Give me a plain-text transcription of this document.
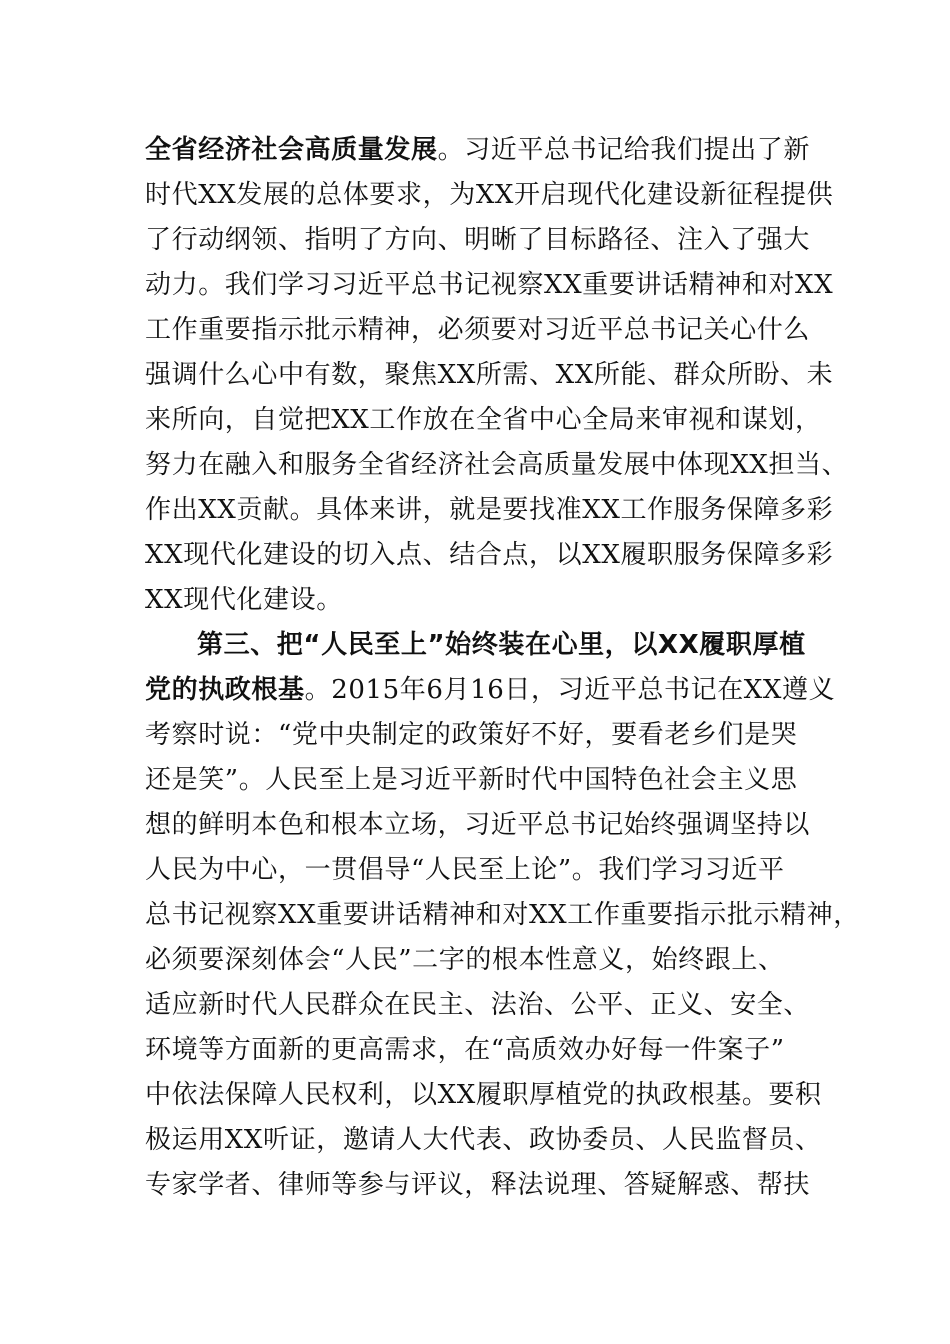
全省经济社会高质量发展。习近平总书记给我们提出了新
时代XX发展的总体要求，为XX开启现代化建设新征程提供
了行动纲领、指明了方向、明晰了目标路径、注入了强大
动力。我们学习习近平总书记视察XX重要讲话精神和对XX
工作重要指示批示精神，必须要对习近平总书记关心什么
强调什么心中有数，聚焦XX所需、XX所能、群众所盼、未
来所向，自觉把XX工作放在全省中心全局来审视和谋划，
努力在融入和服务全省经济社会高质量发展中体现XX担当、
作出XX贡献。具体来讲，就是要找准XX工作服务保障多彩
XX现代化建设的切入点、结合点，以XX履职服务保障多彩
XX现代化建设。
第三、把“人民至上”始终装在心里，以XX履职厚植
党的执政根基。2015年6月16日，习近平总书记在XX遵义
考察时说：“党中央制定的政策好不好，要看老乡们是哭
还是笑”。人民至上是习近平新时代中国特色社会主义思
想的鲜明本色和根本立场，习近平总书记始终强调坚持以
人民为中心，一贯倡导“人民至上论”。我们学习习近平
总书记视察XX重要讲话精神和对XX工作重要指示批示精神，
必须要深刻体会“人民”二字的根本性意义，始终跟上、
适应新时代人民群众在民主、法治、公平、正义、安全、
环境等方面新的更高需求，在“高质效办好每一件案子”
中依法保障人民权利，以XX履职厚植党的执政根基。要积
极运用XX听证，邀请人大代表、政协委员、人民监督员、
专家学者、律师等参与评议，释法说理、答疑解惑、帮扶
